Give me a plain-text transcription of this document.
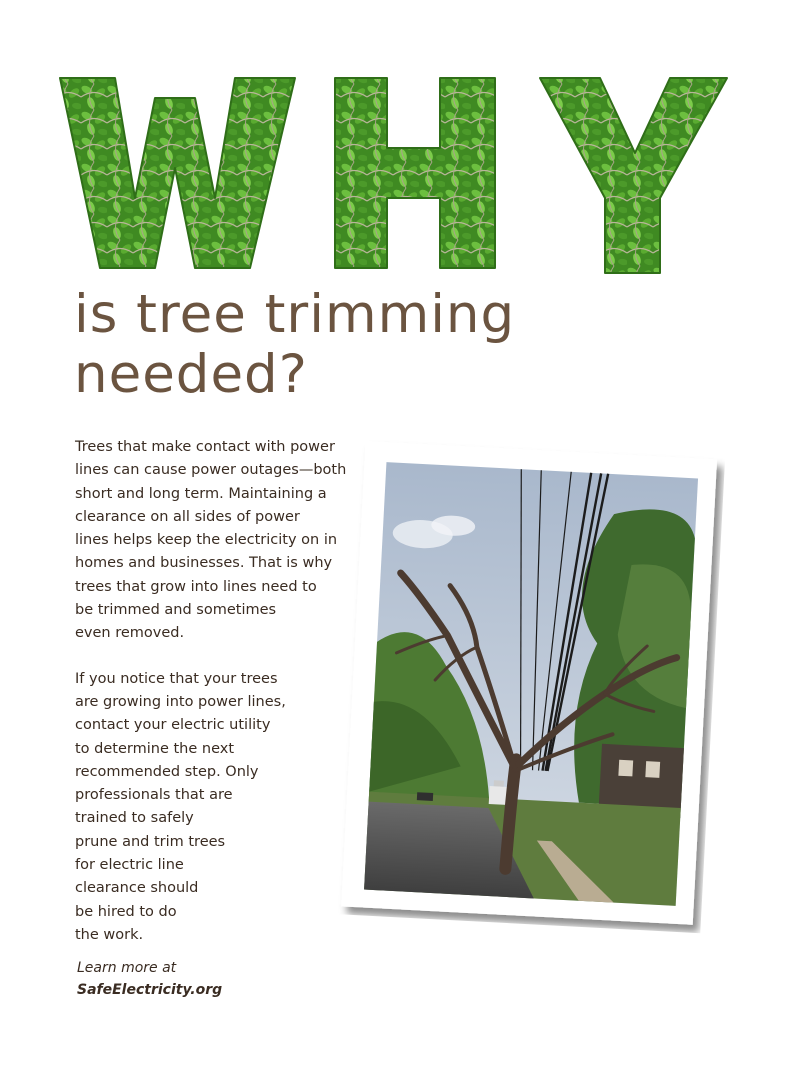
is tree trimming
needed?

Trees that make contact with power
lines can cause power outages—both
short and long term. Maintaining a
clearance on all sides of power
lines helps keep the electricity on in
homes and businesses. That is why
trees that grow into lines need to
be trimmed and sometimes
even removed.

If you notice that your trees
are growing into power lines,
contact your electric utility
to determine the next
recommended step. Only
professionals that are
trained to safely
prune and trim trees
for electric line
clearance should
be hired to do
the work.

Learn more at
SafeElectricity.org
